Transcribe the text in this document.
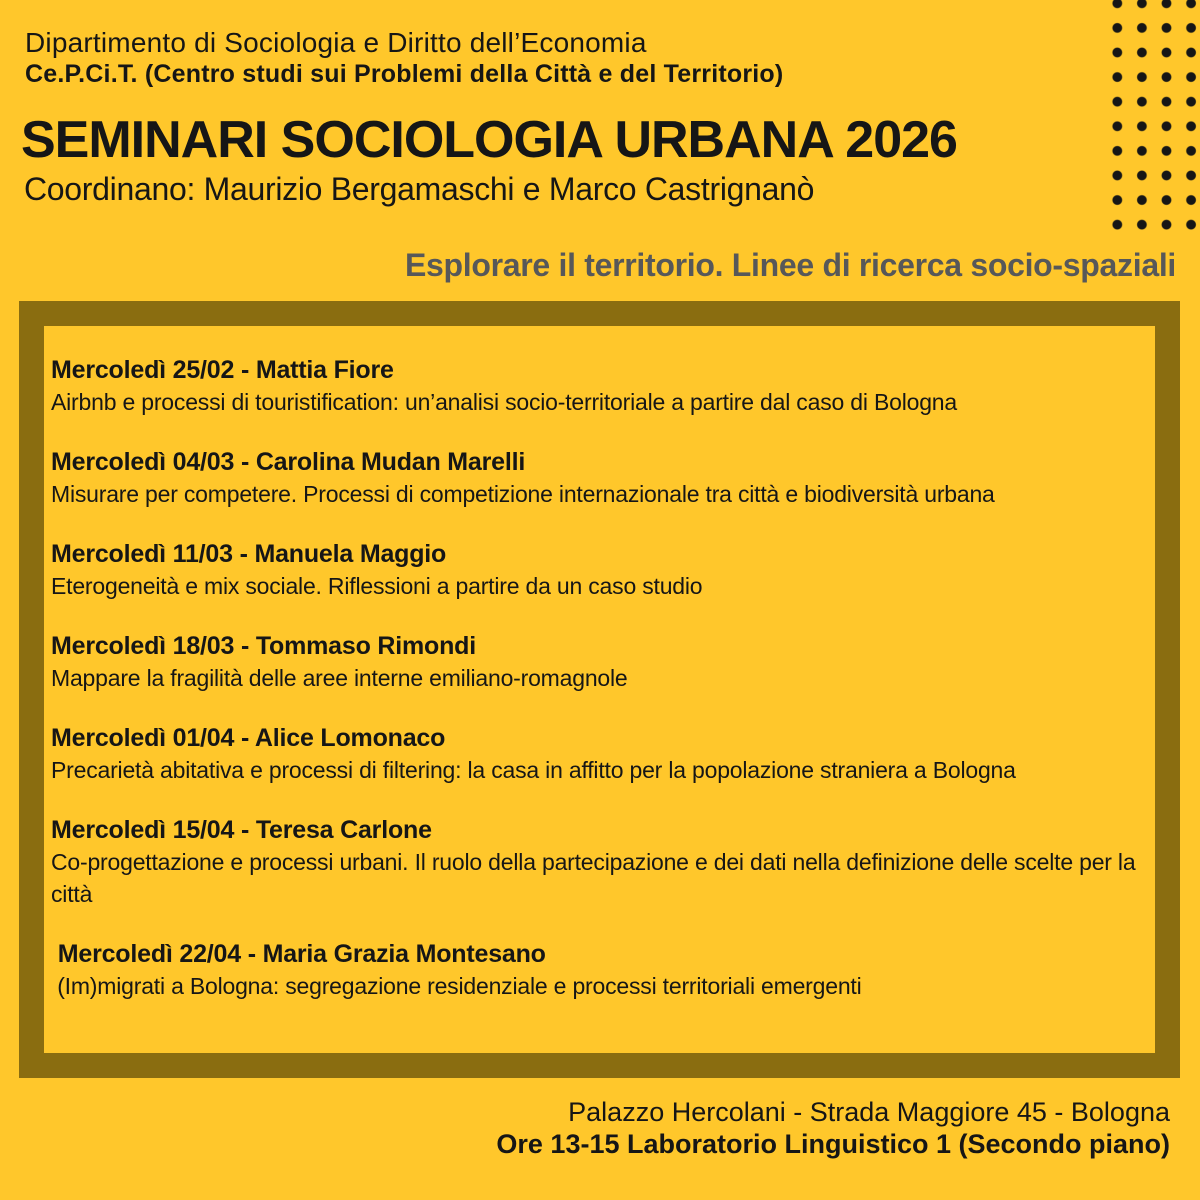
Dipartimento di Sociologia e Diritto dell’Economia
Ce.P.Ci.T. (Centro studi sui Problemi della Città e del Territorio)
SEMINARI SOCIOLOGIA URBANA 2026
Coordinano: Maurizio Bergamaschi e Marco Castrignanò
Esplorare il territorio. Linee di ricerca socio-spaziali
Mercoledì 25/02 - Mattia Fiore
Airbnb e processi di touristification: un’analisi socio-territoriale a partire dal caso di Bologna
Mercoledì 04/03 - Carolina Mudan Marelli
Misurare per competere. Processi di competizione internazionale tra città e biodiversità urbana
Mercoledì 11/03 - Manuela Maggio
Eterogeneità e mix sociale. Riflessioni a partire da un caso studio
Mercoledì 18/03 - Tommaso Rimondi
Mappare la fragilità delle aree interne emiliano-romagnole
Mercoledì 01/04 - Alice Lomonaco
Precarietà abitativa e processi di filtering: la casa in affitto per la popolazione straniera a Bologna
Mercoledì 15/04 - Teresa Carlone
Co-progettazione e processi urbani. Il ruolo della partecipazione e dei dati nella definizione delle scelte per la città
Mercoledì 22/04 - Maria Grazia Montesano
(Im)migrati a Bologna: segregazione residenziale e processi territoriali emergenti
Palazzo Hercolani - Strada Maggiore 45 - Bologna
Ore 13-15 Laboratorio Linguistico 1 (Secondo piano)
